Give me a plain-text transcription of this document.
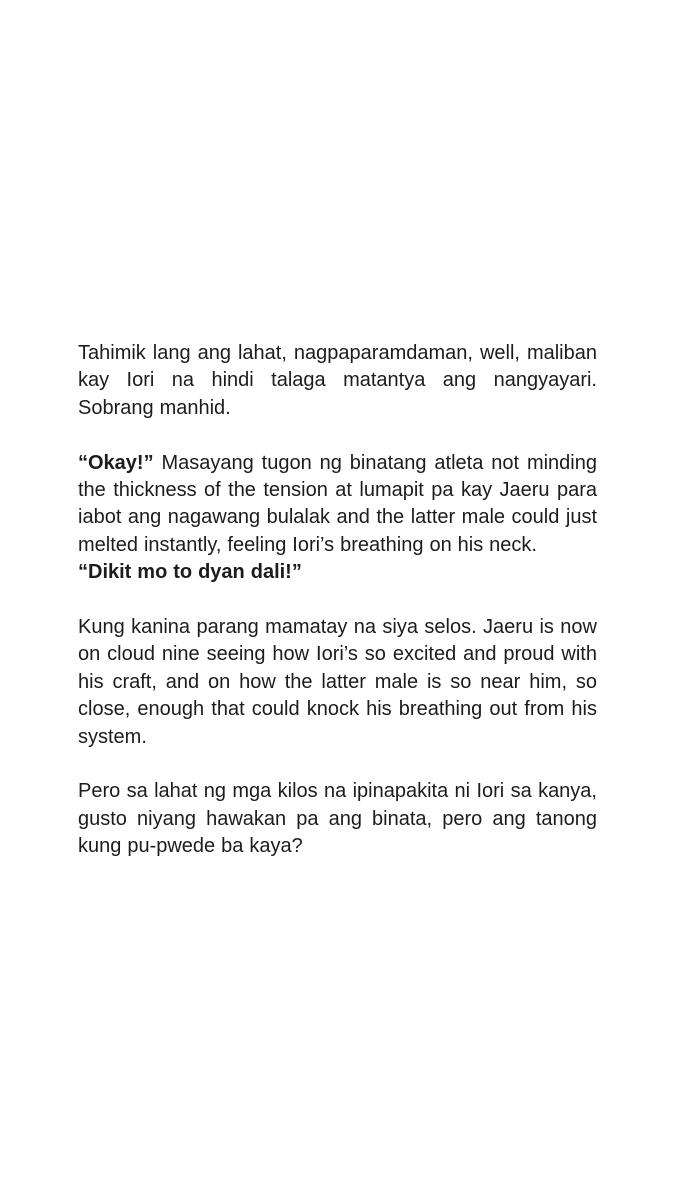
Tahimik lang ang lahat, nagpaparamdaman, well, maliban kay Iori na hindi talaga matantya ang nangyayari. Sobrang manhid.

“Okay!” Masayang tugon ng binatang atleta not minding the thickness of the tension at lumapit pa kay Jaeru para iabot ang nagawang bulalak and the latter male could just melted instantly, feeling Iori’s breathing on his neck.
“Dikit mo to dyan dali!”

Kung kanina parang mamatay na siya selos. Jaeru is now on cloud nine seeing how Iori’s so excited and proud with his craft, and on how the latter male is so near him, so close, enough that could knock his breathing out from his system.

Pero sa lahat ng mga kilos na ipinapakita ni Iori sa kanya, gusto niyang hawakan pa ang binata, pero ang tanong kung pu-pwede ba kaya?
